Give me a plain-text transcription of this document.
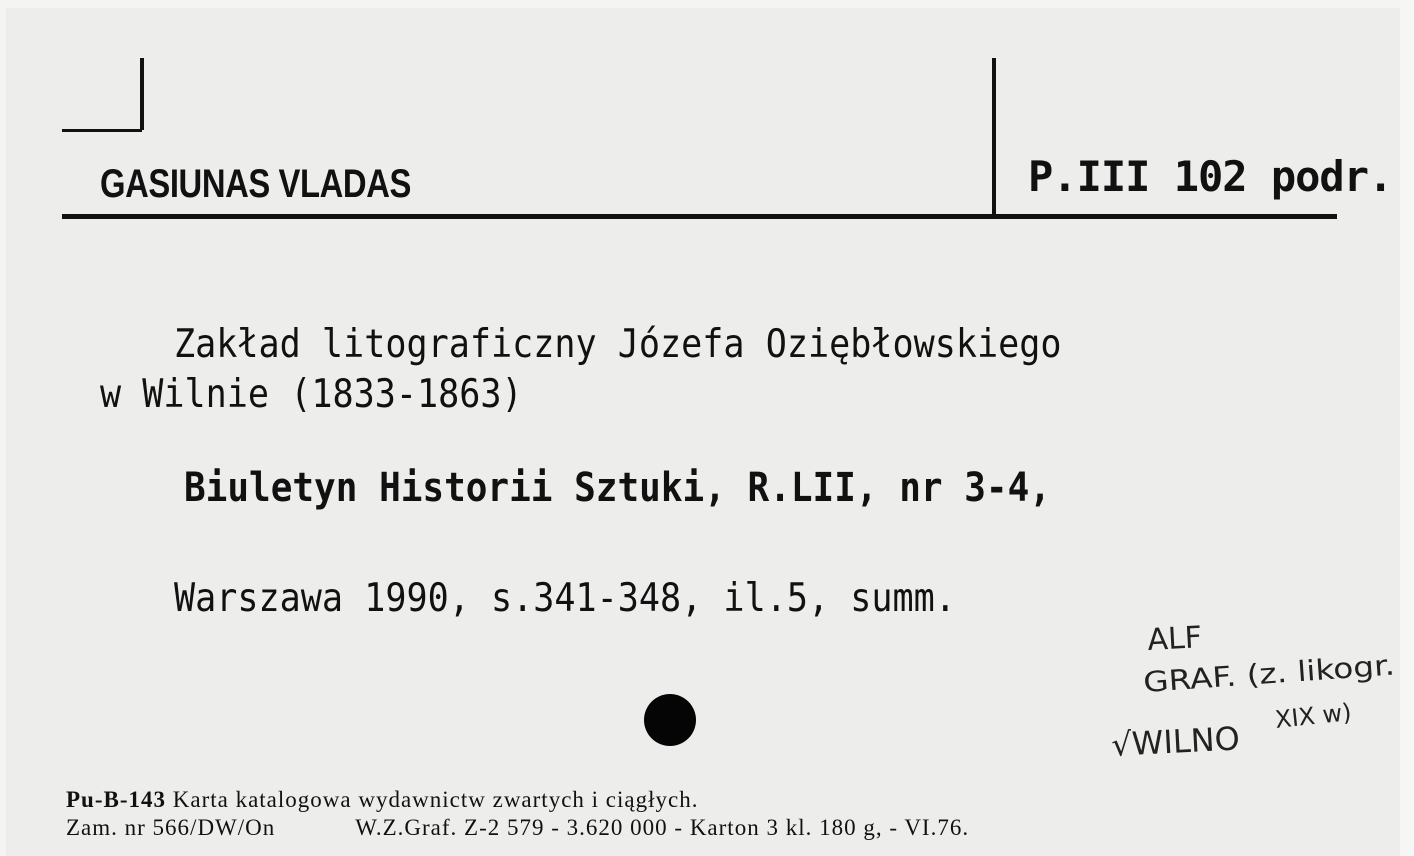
GASIUNAS VLADAS	P.III 102 podr.
Zakład litograficzny Józefa Oziębłowskiego
w Wilnie (1833-1863)
Biuletyn Historii Sztuki, R.LII, nr 3-4,
Warszawa 1990, s.341-348, il.5, summ.
ALF
GRAF. (z. likogr.
XIX w)
√WILNO
Pu-B-143 Karta katalogowa wydawnictw zwartych i ciągłych.
Zam. nr 566/DW/On	W.Z.Graf. Z-2 579 - 3.620 000 - Karton 3 kl. 180 g, - VI.76.
